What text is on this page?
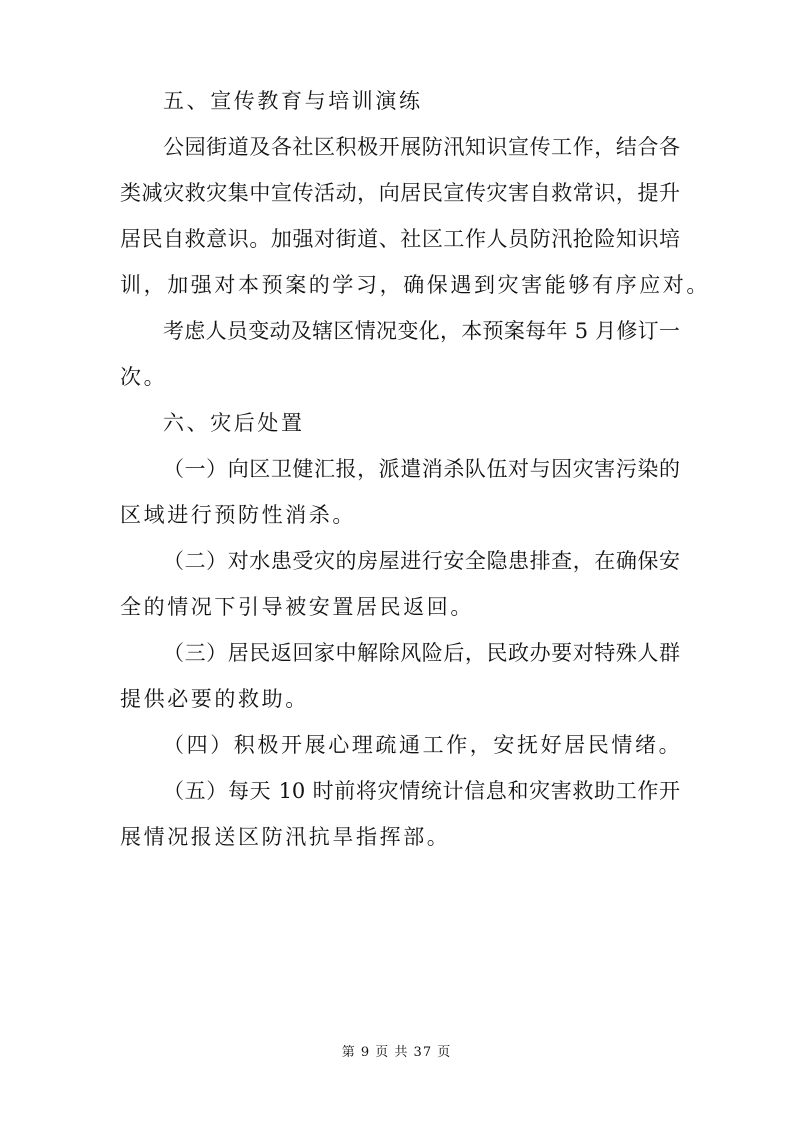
五、宣传教育与培训演练
公园街道及各社区积极开展防汛知识宣传工作，结合各
类减灾救灾集中宣传活动，向居民宣传灾害自救常识，提升
居民自救意识。加强对街道、社区工作人员防汛抢险知识培
训，加强对本预案的学习，确保遇到灾害能够有序应对。
考虑人员变动及辖区情况变化，本预案每年 5 月修订一
次。
六、灾后处置
（一）向区卫健汇报，派遣消杀队伍对与因灾害污染的
区域进行预防性消杀。
（二）对水患受灾的房屋进行安全隐患排查，在确保安
全的情况下引导被安置居民返回。
（三）居民返回家中解除风险后，民政办要对特殊人群
提供必要的救助。
（四）积极开展心理疏通工作，安抚好居民情绪。
（五）每天 10 时前将灾情统计信息和灾害救助工作开
展情况报送区防汛抗旱指挥部。
第 9 页 共 37 页
